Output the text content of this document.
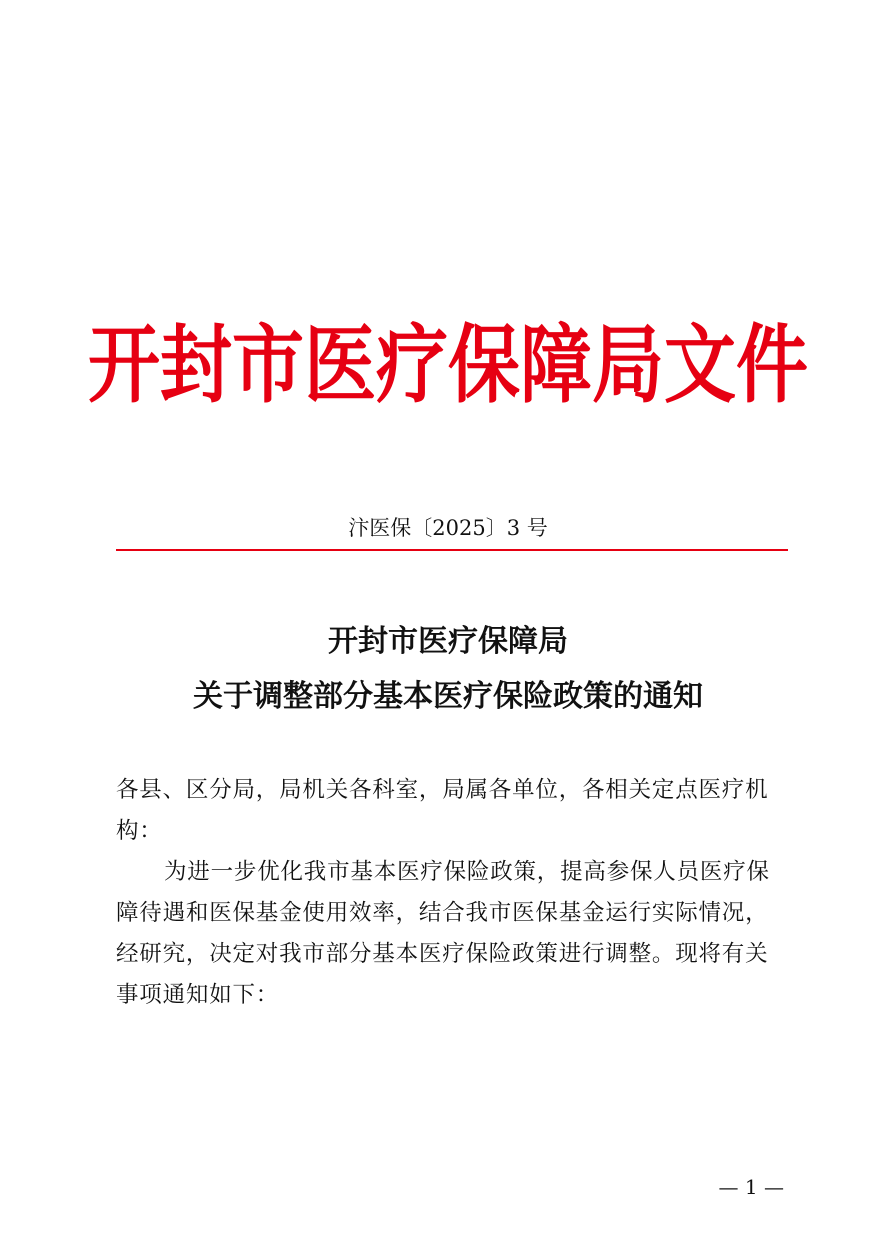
开封市医疗保障局文件
汴医保〔2025〕3 号
开封市医疗保障局
关于调整部分基本医疗保险政策的通知

各县、区分局，局机关各科室，局属各单位，各相关定点医疗机构：

为进一步优化我市基本医疗保险政策，提高参保人员医疗保障待遇和医保基金使用效率，结合我市医保基金运行实际情况，经研究，决定对我市部分基本医疗保险政策进行调整。现将有关事项通知如下：

— 1 —
